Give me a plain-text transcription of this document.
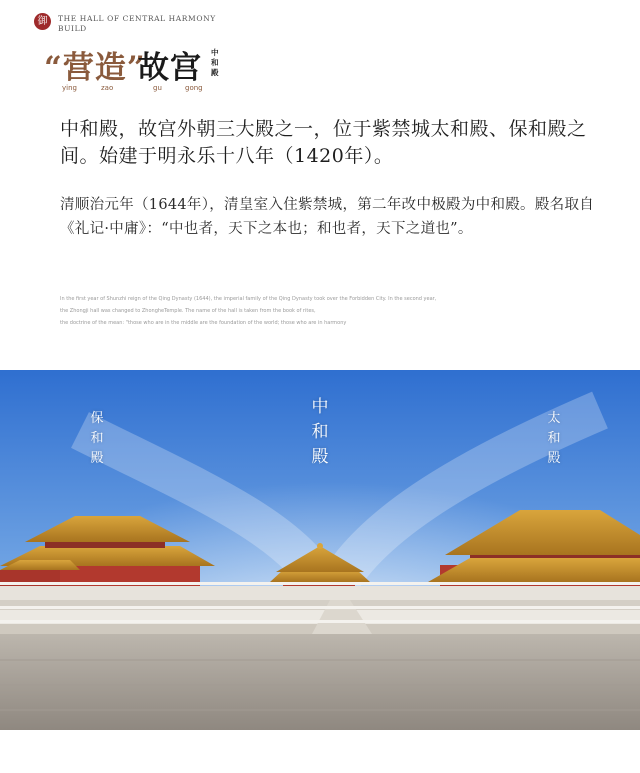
御	THE HALL OF CENTRAL HARMONY
BUILD
“营造”
故宫 中
和
殿
ying	zao	gu	gong
中和殿，故宫外朝三大殿之一，位于紫禁城太和殿、保和殿之间。始建于明永乐十八年（1420年）。
清顺治元年（1644年），清皇室入住紫禁城，第二年改中极殿为中和殿。殿名取自《礼记·中庸》：“中也者，天下之本也；和也者，天下之道也”。
In the first year of Shunzhi reign of the Qing Dynasty (1644), the imperial family of the Qing Dynasty took over the Forbidden City. In the second year,
the Zhongji hall was changed to ZhongheTemple. The name of the hall is taken from the book of rites,
the doctrine of the mean: "those who are in the middle are the foundation of the world; those who are in harmony
保
和
殿
中
和
殿
太
和
殿
